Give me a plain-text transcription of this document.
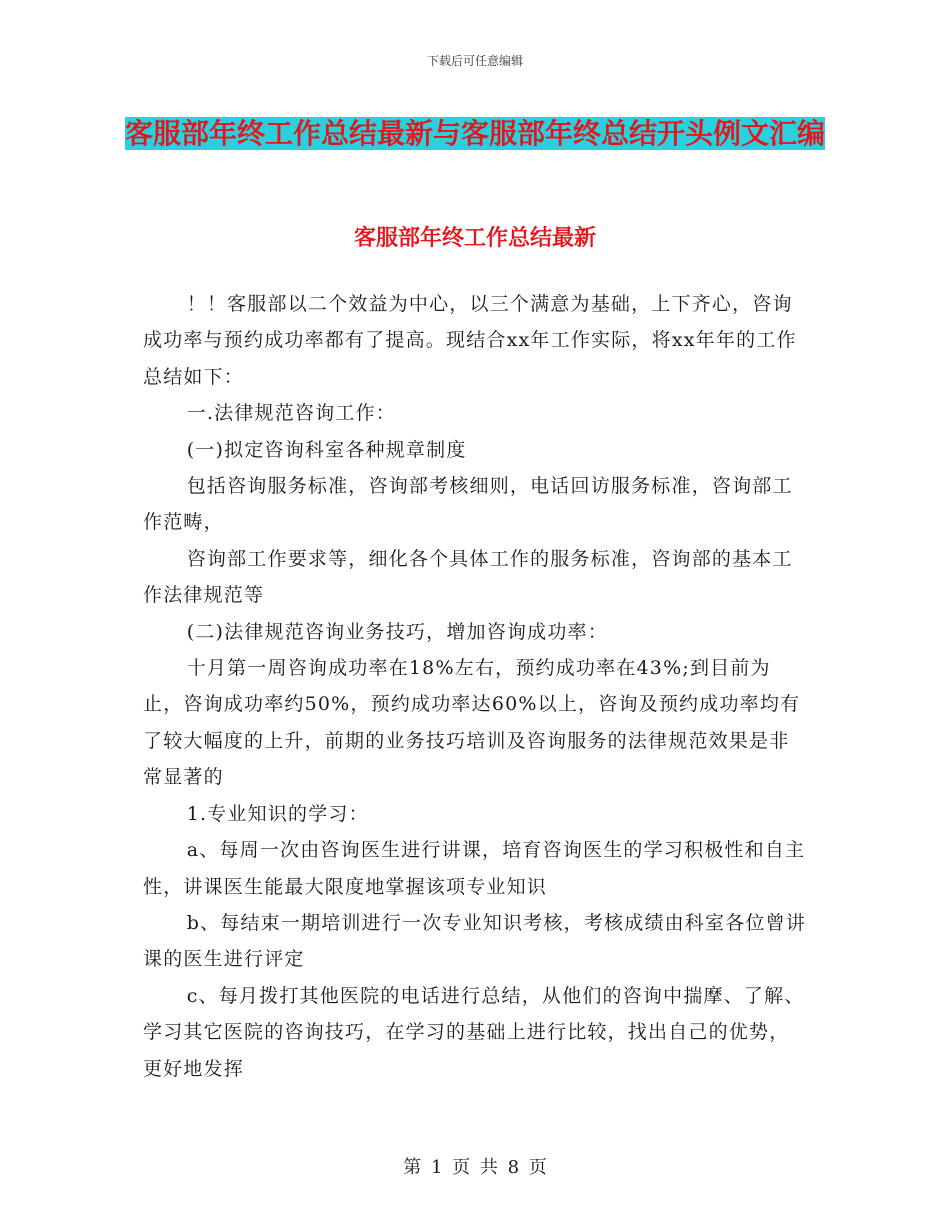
下载后可任意编辑
客服部年终工作总结最新与客服部年终总结开头例文汇编
客服部年终工作总结最新

！！客服部以二个效益为中心，以三个满意为基础，上下齐心，咨询成功率与预约成功率都有了提高。现结合xx年工作实际，将xx年年的工作总结如下：

一.法律规范咨询工作：

(一)拟定咨询科室各种规章制度

包括咨询服务标准，咨询部考核细则，电话回访服务标准，咨询部工作范畴，

咨询部工作要求等，细化各个具体工作的服务标准，咨询部的基本工作法律规范等

(二)法律规范咨询业务技巧，增加咨询成功率：

十月第一周咨询成功率在18%左右，预约成功率在43%;到目前为止，咨询成功率约50%，预约成功率达60%以上，咨询及预约成功率均有了较大幅度的上升，前期的业务技巧培训及咨询服务的法律规范效果是非常显著的

1.专业知识的学习：

a、每周一次由咨询医生进行讲课，培育咨询医生的学习积极性和自主性，讲课医生能最大限度地掌握该项专业知识

b、每结束一期培训进行一次专业知识考核，考核成绩由科室各位曾讲课的医生进行评定

c、每月拨打其他医院的电话进行总结，从他们的咨询中揣摩、了解、学习其它医院的咨询技巧，在学习的基础上进行比较，找出自己的优势，更好地发挥

第 1 页 共 8 页
